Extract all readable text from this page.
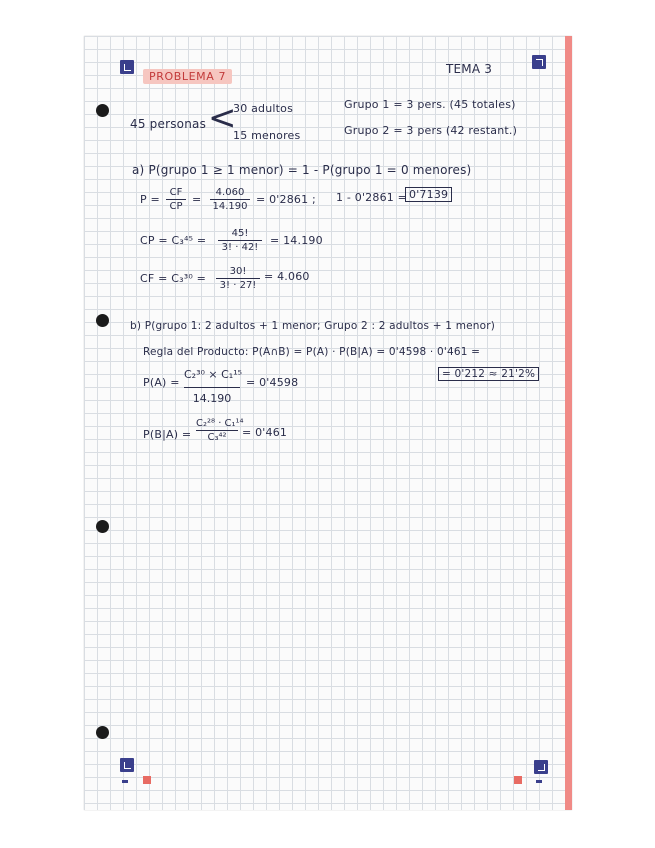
PROBLEMA 7
TEMA 3
45 personas <
30 adultos
15 menores
Grupo 1 = 3 pers. (45 totales)
Grupo 2 = 3 pers (42 restant.)
a) P(grupo 1 ≥ 1 menor) = 1 - P(grupo 1 = 0 menores)
P =
CF
CP
=
4.060
14.190
= 0'2861 ; 1 - 0'2861 = 0'7139
CP = C₃⁴⁵ =
45!
3! · 42!
= 14.190
CF = C₃³⁰ =
30!
3! · 27!
= 4.060
b) P(grupo 1: 2 adultos + 1 menor; Grupo 2 : 2 adultos + 1 menor)
Regla del Producto: P(A∩B) = P(A) · P(B|A) = 0'4598 · 0'461 =
= 0'212 ≈ 21'2%
P(A) =
C₂³⁰ × C₁¹⁵
14.190
= 0'4598
P(B|A) =
C₂²⁸ · C₁¹⁴
C₃⁴²	= 0'461
